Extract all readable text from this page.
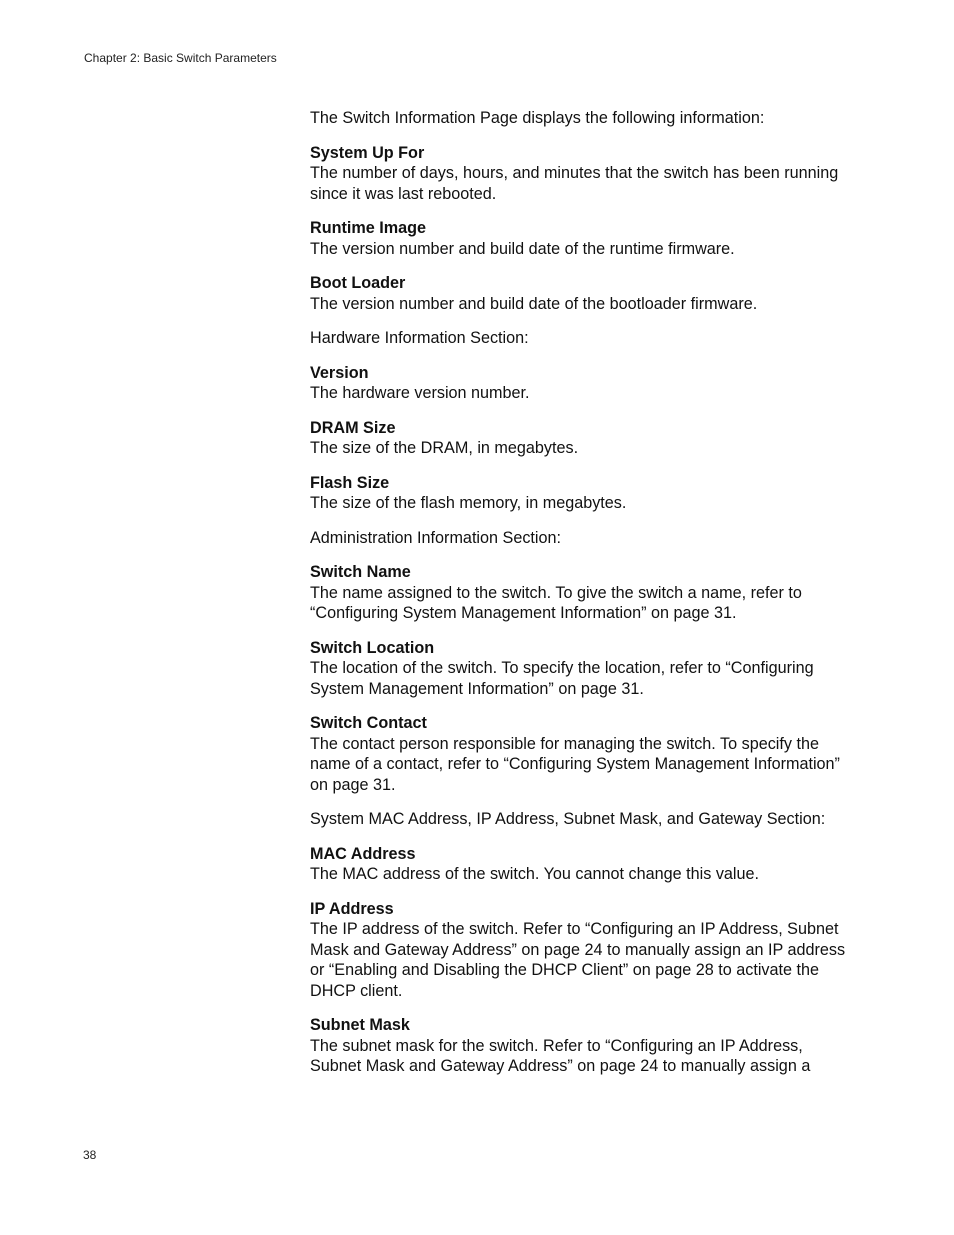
Chapter 2: Basic Switch Parameters

The Switch Information Page displays the following information:

System Up For
The number of days, hours, and minutes that the switch has been running since it was last rebooted.
Runtime Image
The version number and build date of the runtime firmware.
Boot Loader
The version number and build date of the bootloader firmware.

Hardware Information Section:

Version
The hardware version number.
DRAM Size
The size of the DRAM, in megabytes.
Flash Size
The size of the flash memory, in megabytes.

Administration Information Section:

Switch Name
The name assigned to the switch. To give the switch a name, refer to “Configuring System Management Information” on page 31.
Switch Location
The location of the switch. To specify the location, refer to “Configuring System Management Information” on page 31.
Switch Contact
The contact person responsible for managing the switch. To specify the name of a contact, refer to “Configuring System Management Information” on page 31.

System MAC Address, IP Address, Subnet Mask, and Gateway Section:

MAC Address
The MAC address of the switch. You cannot change this value.
IP Address
The IP address of the switch. Refer to “Configuring an IP Address, Subnet Mask and Gateway Address” on page 24 to manually assign an IP address or “Enabling and Disabling the DHCP Client” on page 28 to activate the DHCP client.
Subnet Mask
The subnet mask for the switch. Refer to “Configuring an IP Address, Subnet Mask and Gateway Address” on page 24 to manually assign a
38
